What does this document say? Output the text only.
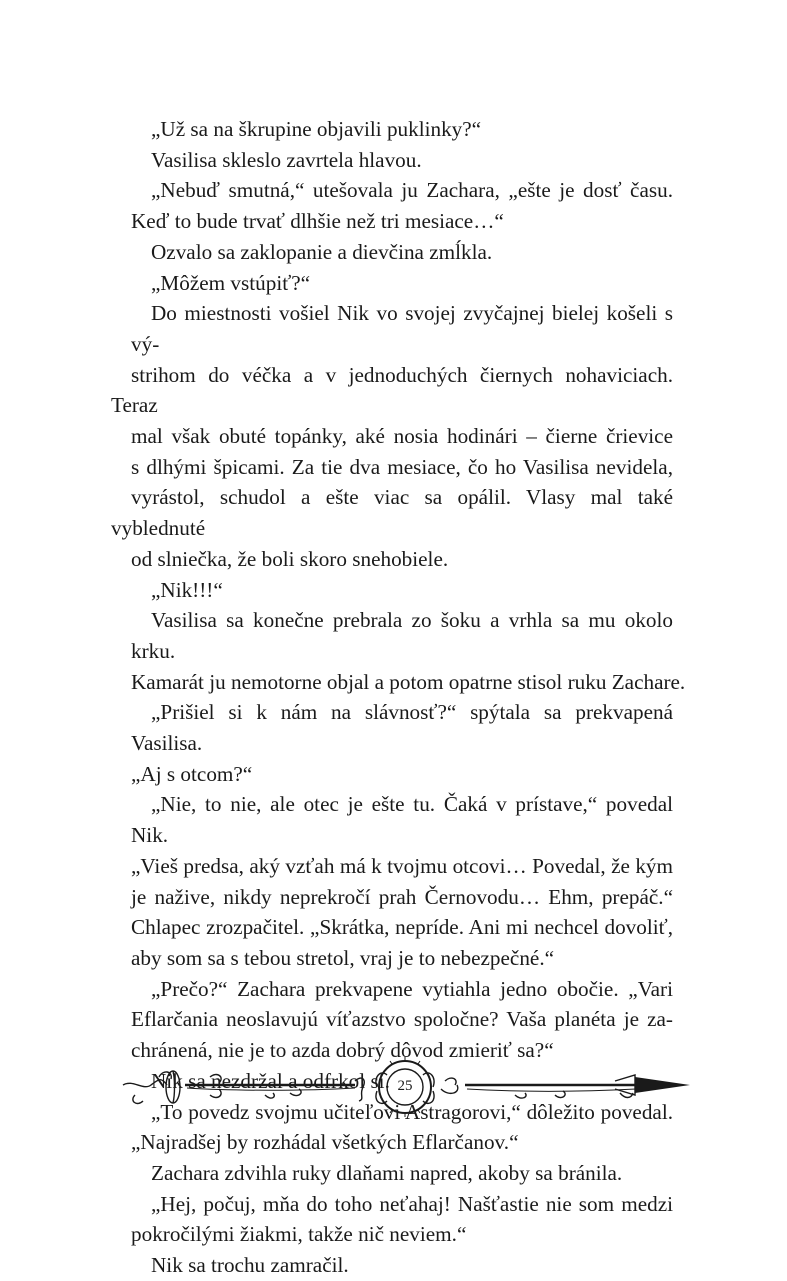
„Už sa na škrupine objavili puklinky?“
Vasilisa skleslo zavrtela hlavou.
„Nebuď smutná,“ utešovala ju Zachara, „ešte je dosť času.
Keď to bude trvať dlhšie než tri mesiace…“
Ozvalo sa zaklopanie a dievčina zmĺkla.
„Môžem vstúpiť?“
Do miestnosti vošiel Nik vo svojej zvyčajnej bielej košeli s vý-
strihom do véčka a v jednoduchých čiernych nohaviciach. Teraz
mal však obuté topánky, aké nosia hodinári – čierne črievice
s dlhými špicami. Za tie dva mesiace, čo ho Vasilisa nevidela,
vyrástol, schudol a ešte viac sa opálil. Vlasy mal také vyblednuté
od slniečka, že boli skoro snehobiele.
„Nik!!!“
Vasilisa sa konečne prebrala zo šoku a vrhla sa mu okolo krku.
Kamarát ju nemotorne objal a potom opatrne stisol ruku Zachare.
„Prišiel si k nám na slávnosť?“ spýtala sa prekvapená Vasilisa.
„Aj s otcom?“
„Nie, to nie, ale otec je ešte tu. Čaká v prístave,“ povedal Nik.
„Vieš predsa, aký vzťah má k tvojmu otcovi… Povedal, že kým
je nažive, nikdy neprekročí prah Černovodu… Ehm, prepáč.“
Chlapec zrozpačitel. „Skrátka, nepríde. Ani mi nechcel dovoliť,
aby som sa s tebou stretol, vraj je to nebezpečné.“
„Prečo?“ Zachara prekvapene vytiahla jedno obočie. „Vari
Eflarčania neoslavujú víťazstvo spoločne? Vaša planéta je za-
chránená, nie je to azda dobrý dôvod zmieriť sa?“
Nik sa nezdržal a odfrkol si.
„To povedz svojmu učiteľovi Astragorovi,“ dôležito povedal.
„Najradšej by rozhádal všetkých Eflarčanov.“
Zachara zdvihla ruky dlaňami napred, akoby sa bránila.
„Hej, počuj, mňa do toho neťahaj! Našťastie nie som medzi
pokročilými žiakmi, takže nič neviem.“
Nik sa trochu zamračil.
25
